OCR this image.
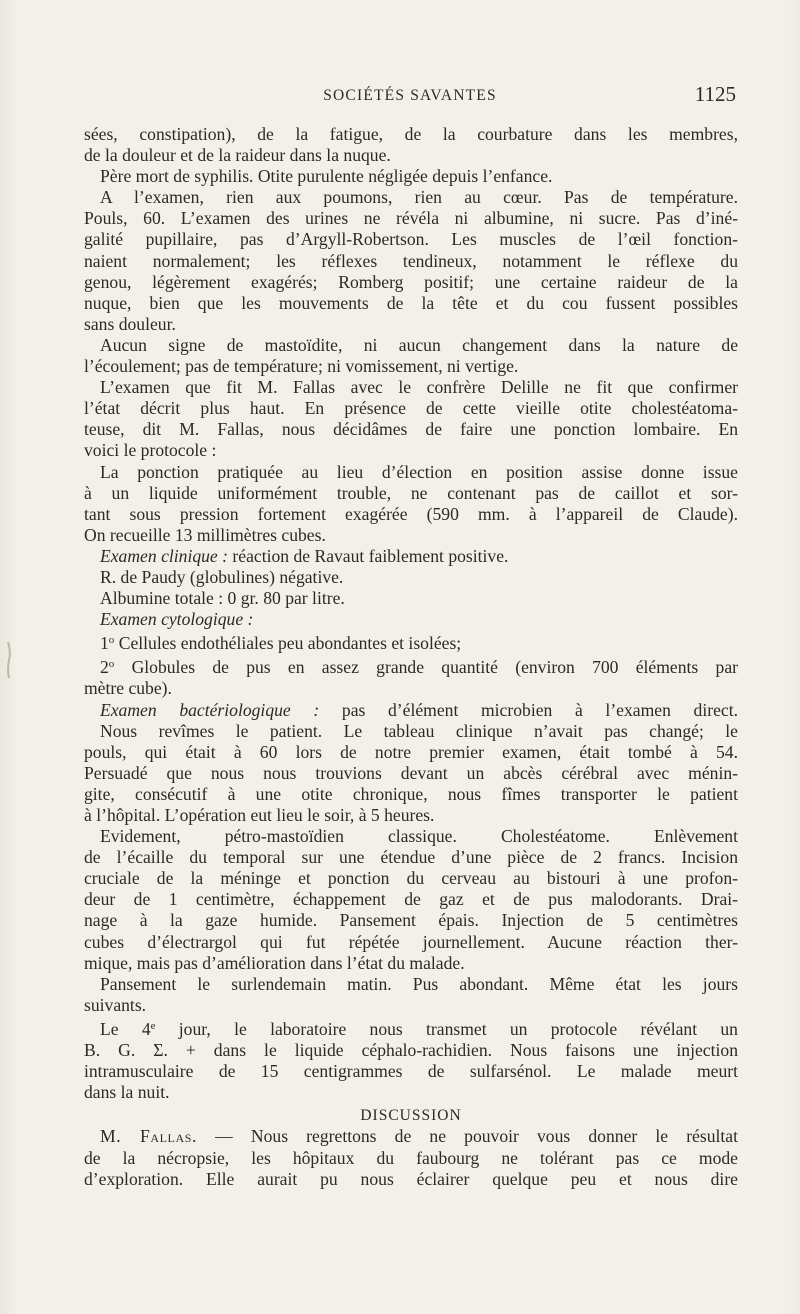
SOCIÉTÉS SAVANTES	1125
sées, constipation), de la fatigue, de la courbature dans les membres,
de la douleur et de la raideur dans la nuque.
Père mort de syphilis. Otite purulente négligée depuis l’enfance.
A l’examen, rien aux poumons, rien au cœur. Pas de température.
Pouls, 60. L’examen des urines ne révéla ni albumine, ni sucre. Pas d’iné-
galité pupillaire, pas d’Argyll-Robertson. Les muscles de l’œil fonction-
naient normalement; les réflexes tendineux, notamment le réflexe du
genou, légèrement exagérés; Romberg positif; une certaine raideur de la
nuque, bien que les mouvements de la tête et du cou fussent possibles
sans douleur.
Aucun signe de mastoïdite, ni aucun changement dans la nature de
l’écoulement; pas de température; ni vomissement, ni vertige.
L’examen que fit M. Fallas avec le confrère Delille ne fit que confirmer
l’état décrit plus haut. En présence de cette vieille otite cholestéatoma-
teuse, dit M. Fallas, nous décidâmes de faire une ponction lombaire. En
voici le protocole :
La ponction pratiquée au lieu d’élection en position assise donne issue
à un liquide uniformément trouble, ne contenant pas de caillot et sor-
tant sous pression fortement exagérée (590 mm. à l’appareil de Claude).
On recueille 13 millimètres cubes.
Examen clinique : réaction de Ravaut faiblement positive.
R. de Paudy (globulines) négative.
Albumine totale : 0 gr. 80 par litre.
Examen cytologique :
1$^o$ Cellules endothéliales peu abondantes et isolées;
2$^o$ Globules de pus en assez grande quantité (environ 700 éléments par
mètre cube).
Examen bactériologique : pas d’élément microbien à l’examen direct.
Nous revîmes le patient. Le tableau clinique n’avait pas changé; le
pouls, qui était à 60 lors de notre premier examen, était tombé à 54.
Persuadé que nous nous trouvions devant un abcès cérébral avec ménin-
gite, consécutif à une otite chronique, nous fîmes transporter le patient
à l’hôpital. L’opération eut lieu le soir, à 5 heures.
Evidement, pétro-mastoïdien classique. Cholestéatome. Enlèvement
de l’écaille du temporal sur une étendue d’une pièce de 2 francs. Incision
cruciale de la méninge et ponction du cerveau au bistouri à une profon-
deur de 1 centimètre, échappement de gaz et de pus malodorants. Drai-
nage à la gaze humide. Pansement épais. Injection de 5 centimètres
cubes d’électrargol qui fut répétée journellement. Aucune réaction ther-
mique, mais pas d’amélioration dans l’état du malade.
Pansement le surlendemain matin. Pus abondant. Même état les jours
suivants.
Le 4e jour, le laboratoire nous transmet un protocole révélant un
B. G. Σ. + dans le liquide céphalo-rachidien. Nous faisons une injection
intramusculaire de 15 centigrammes de sulfarsénol. Le malade meurt
dans la nuit.
DISCUSSION
M. Fallas. — Nous regrettons de ne pouvoir vous donner le résultat
de la nécropsie, les hôpitaux du faubourg ne tolérant pas ce mode
d’exploration. Elle aurait pu nous éclairer quelque peu et nous dire
